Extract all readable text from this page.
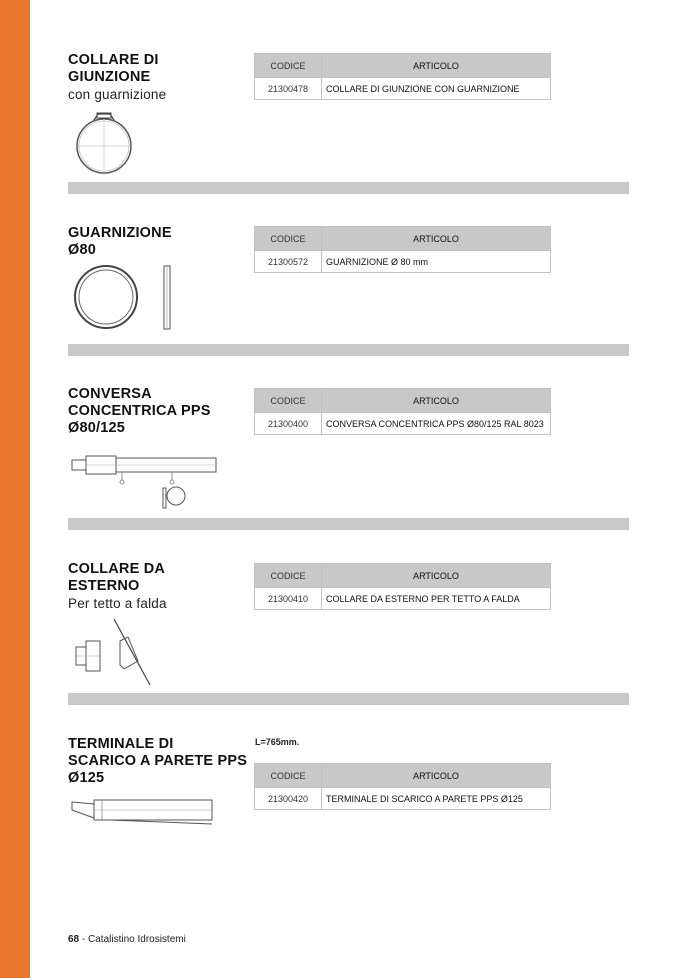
COLLARE DI
GIUNZIONE
con guarnizione
CODICE	ARTICOLO
21300478	COLLARE DI GIUNZIONE CON GUARNIZIONE
GUARNIZIONE
Ø80
CODICE	ARTICOLO
21300572	GUARNIZIONE Ø 80 mm
CONVERSA
CONCENTRICA PPS
Ø80/125
CODICE	ARTICOLO
21300400	CONVERSA CONCENTRICA PPS Ø80/125 RAL 8023
COLLARE DA
ESTERNO
Per tetto a falda
CODICE	ARTICOLO
21300410	COLLARE DA ESTERNO PER TETTO A FALDA
TERMINALE DI
SCARICO A PARETE PPS
Ø125
L=765mm.
CODICE	ARTICOLO
21300420	TERMINALE DI SCARICO A PARETE PPS Ø125
68 - Catalistino Idrosistemi
